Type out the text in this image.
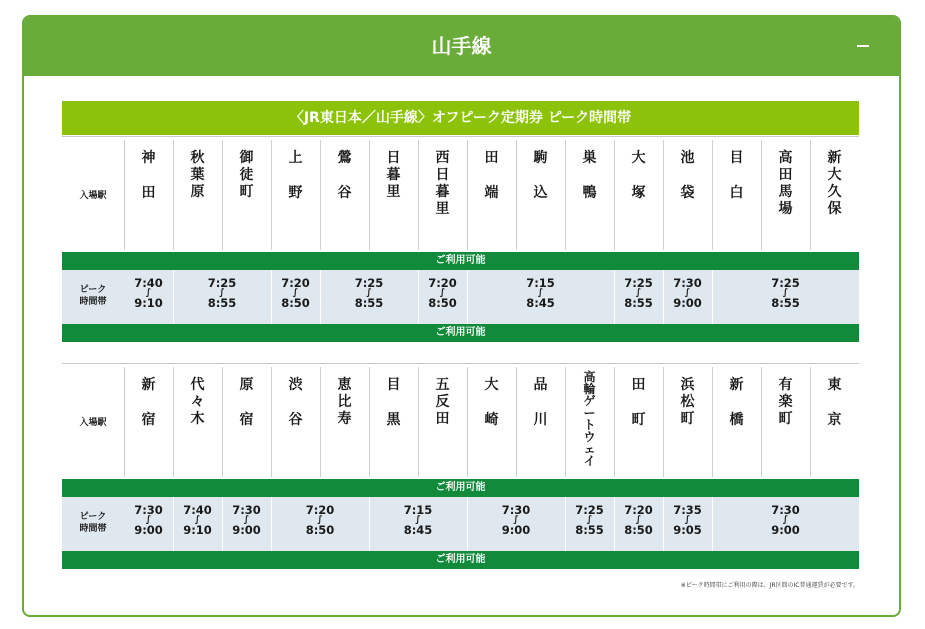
山手線
〈JR東日本／山手線〉オフピーク定期券 ピーク時間帯
入場駅
神

田
秋
葉
原
御
徒
町
上

野
鶯

谷
日
暮
里
西
日
暮
里
田

端
駒

込
巣

鴨
大

塚
池

袋
目

白
高
田
馬
場
新
大
久
保
ご利用可能
ピーク
時間帯
7:40
∫
9:10
7:25
∫
8:55
7:20
∫
8:50
7:25
∫
8:55
7:20
∫
8:50
7:15
∫
8:45
7:25
∫
8:55
7:30
∫
9:00
7:25
∫
8:55
ご利用可能
入場駅
新

宿
代
々
木
原

宿
渋

谷
恵
比
寿
目

黒
五
反
田
大

崎
品

川
高
輪
ゲ
ー
ト
ウ
ェ
イ
田

町
浜
松
町
新

橋
有
楽
町
東

京
ご利用可能
ピーク
時間帯
7:30
∫
9:00
7:40
∫
9:10
7:30
∫
9:00
7:20
∫
8:50
7:15
∫
8:45
7:30
∫
9:00
7:25
∫
8:55
7:20
∫
8:50
7:35
∫
9:05
7:30
∫
9:00
ご利用可能
※ピーク時間帯にご利用の際は、JR区間のIC普通運賃が必要です。
